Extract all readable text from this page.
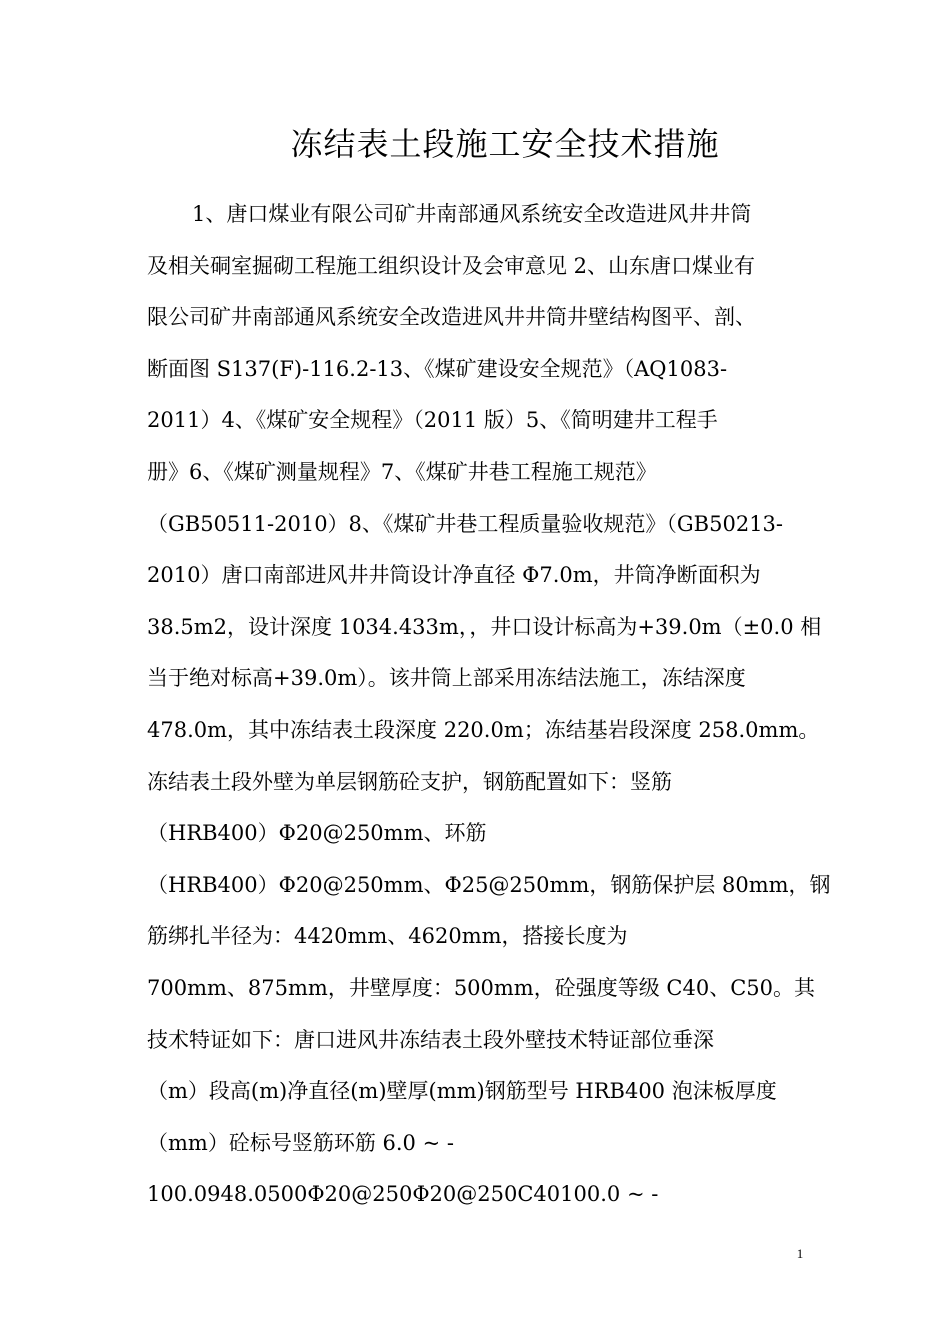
冻结表土段施工安全技术措施
1、唐口煤业有限公司矿井南部通风系统安全改造进风井井筒
及相关硐室掘砌工程施工组织设计及会审意见 2、山东唐口煤业有
限公司矿井南部通风系统安全改造进风井井筒井壁结构图平、剖、
断面图 S137(F)-116.2-13、《煤矿建设安全规范》（AQ1083-
2011）4、《煤矿安全规程》（2011 版）5、《简明建井工程手
册》6、《煤矿测量规程》7、《煤矿井巷工程施工规范》
（GB50511-2010）8、《煤矿井巷工程质量验收规范》（GB50213-
2010）唐口南部进风井井筒设计净直径 Φ7.0m，井筒净断面积为
38.5m2，设计深度 1034.433m，，井口设计标高为+39.0m（±0.0 相
当于绝对标高+39.0m）。该井筒上部采用冻结法施工，冻结深度
478.0m，其中冻结表土段深度 220.0m；冻结基岩段深度 258.0mm。
冻结表土段外壁为单层钢筋砼支护，钢筋配置如下：竖筋
（HRB400）Φ20@250mm、环筋
（HRB400）Φ20@250mm、Φ25@250mm，钢筋保护层 80mm，钢
筋绑扎半径为：4420mm、4620mm，搭接长度为
700mm、875mm，井壁厚度：500mm，砼强度等级 C40、C50。其
技术特证如下：唐口进风井冻结表土段外壁技术特证部位垂深
（m）段高(m)净直径(m)壁厚(mm)钢筋型号 HRB400 泡沫板厚度
（mm）砼标号竖筋环筋 6.0 ~ -
100.0948.0500Φ20@250Φ20@250C40100.0 ~ -
1
